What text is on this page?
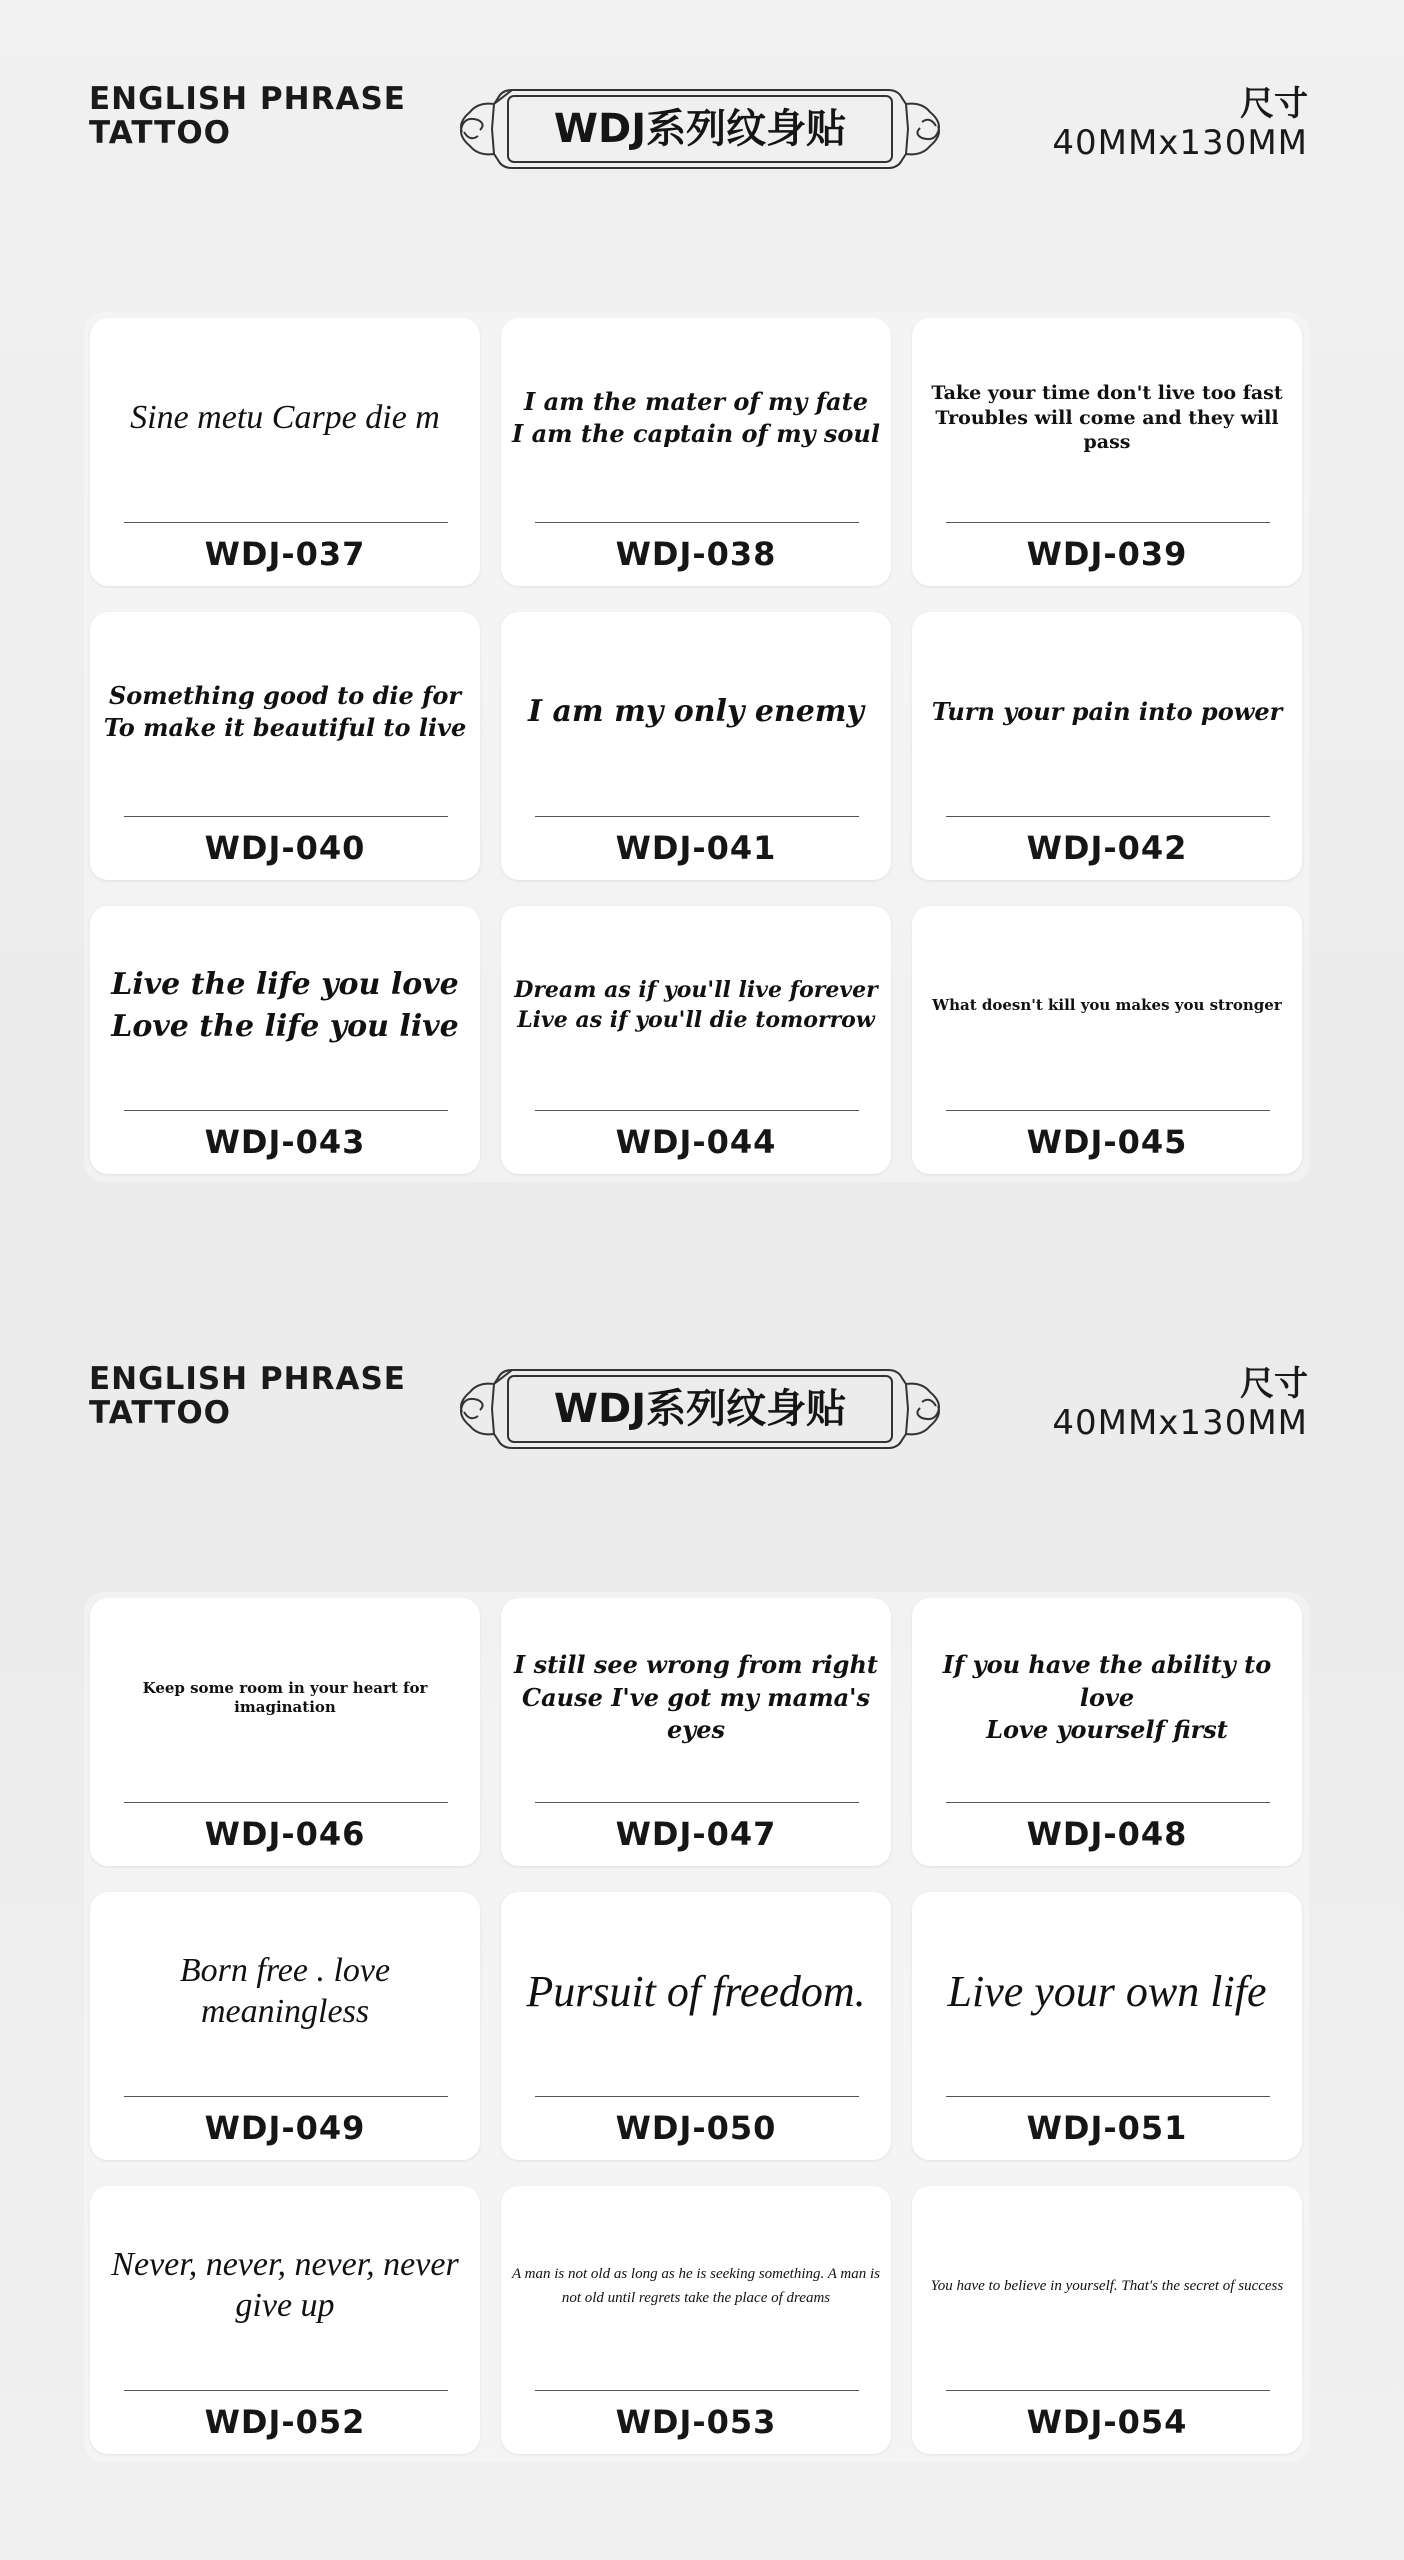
ENGLISH PHRASE
TATTOO	WDJ系列纹身贴
尺寸
40MMx130MM
Sine metu Carpe die m
WDJ-037
I am the mater of my fate
I am the captain of my soul
WDJ-038
Take your time don't live too fast
Troubles will come and they will pass
WDJ-039
Something good to die for
To make it beautiful to live
WDJ-040
I am my only enemy
WDJ-041
Turn your pain into power
WDJ-042
Live the life you love
Love the life you live
WDJ-043
Dream as if you'll live forever
Live as if you'll die tomorrow
WDJ-044
What doesn't kill you makes you stronger
WDJ-045
ENGLISH PHRASE
TATTOO	WDJ系列纹身贴
尺寸
40MMx130MM
Keep some room in your heart for imagination
WDJ-046
I still see wrong from right
Cause I've got my mama's eyes
WDJ-047
If you have the ability to love
Love yourself first
WDJ-048
Born free . love meaningless
WDJ-049
Pursuit of freedom.
WDJ-050
Live your own life
WDJ-051
Never, never, never, never give up
WDJ-052
A man is not old as long as he is seeking something. A man is not old until regrets take the place of dreams
WDJ-053
You have to believe in yourself. That's the secret of success
WDJ-054
